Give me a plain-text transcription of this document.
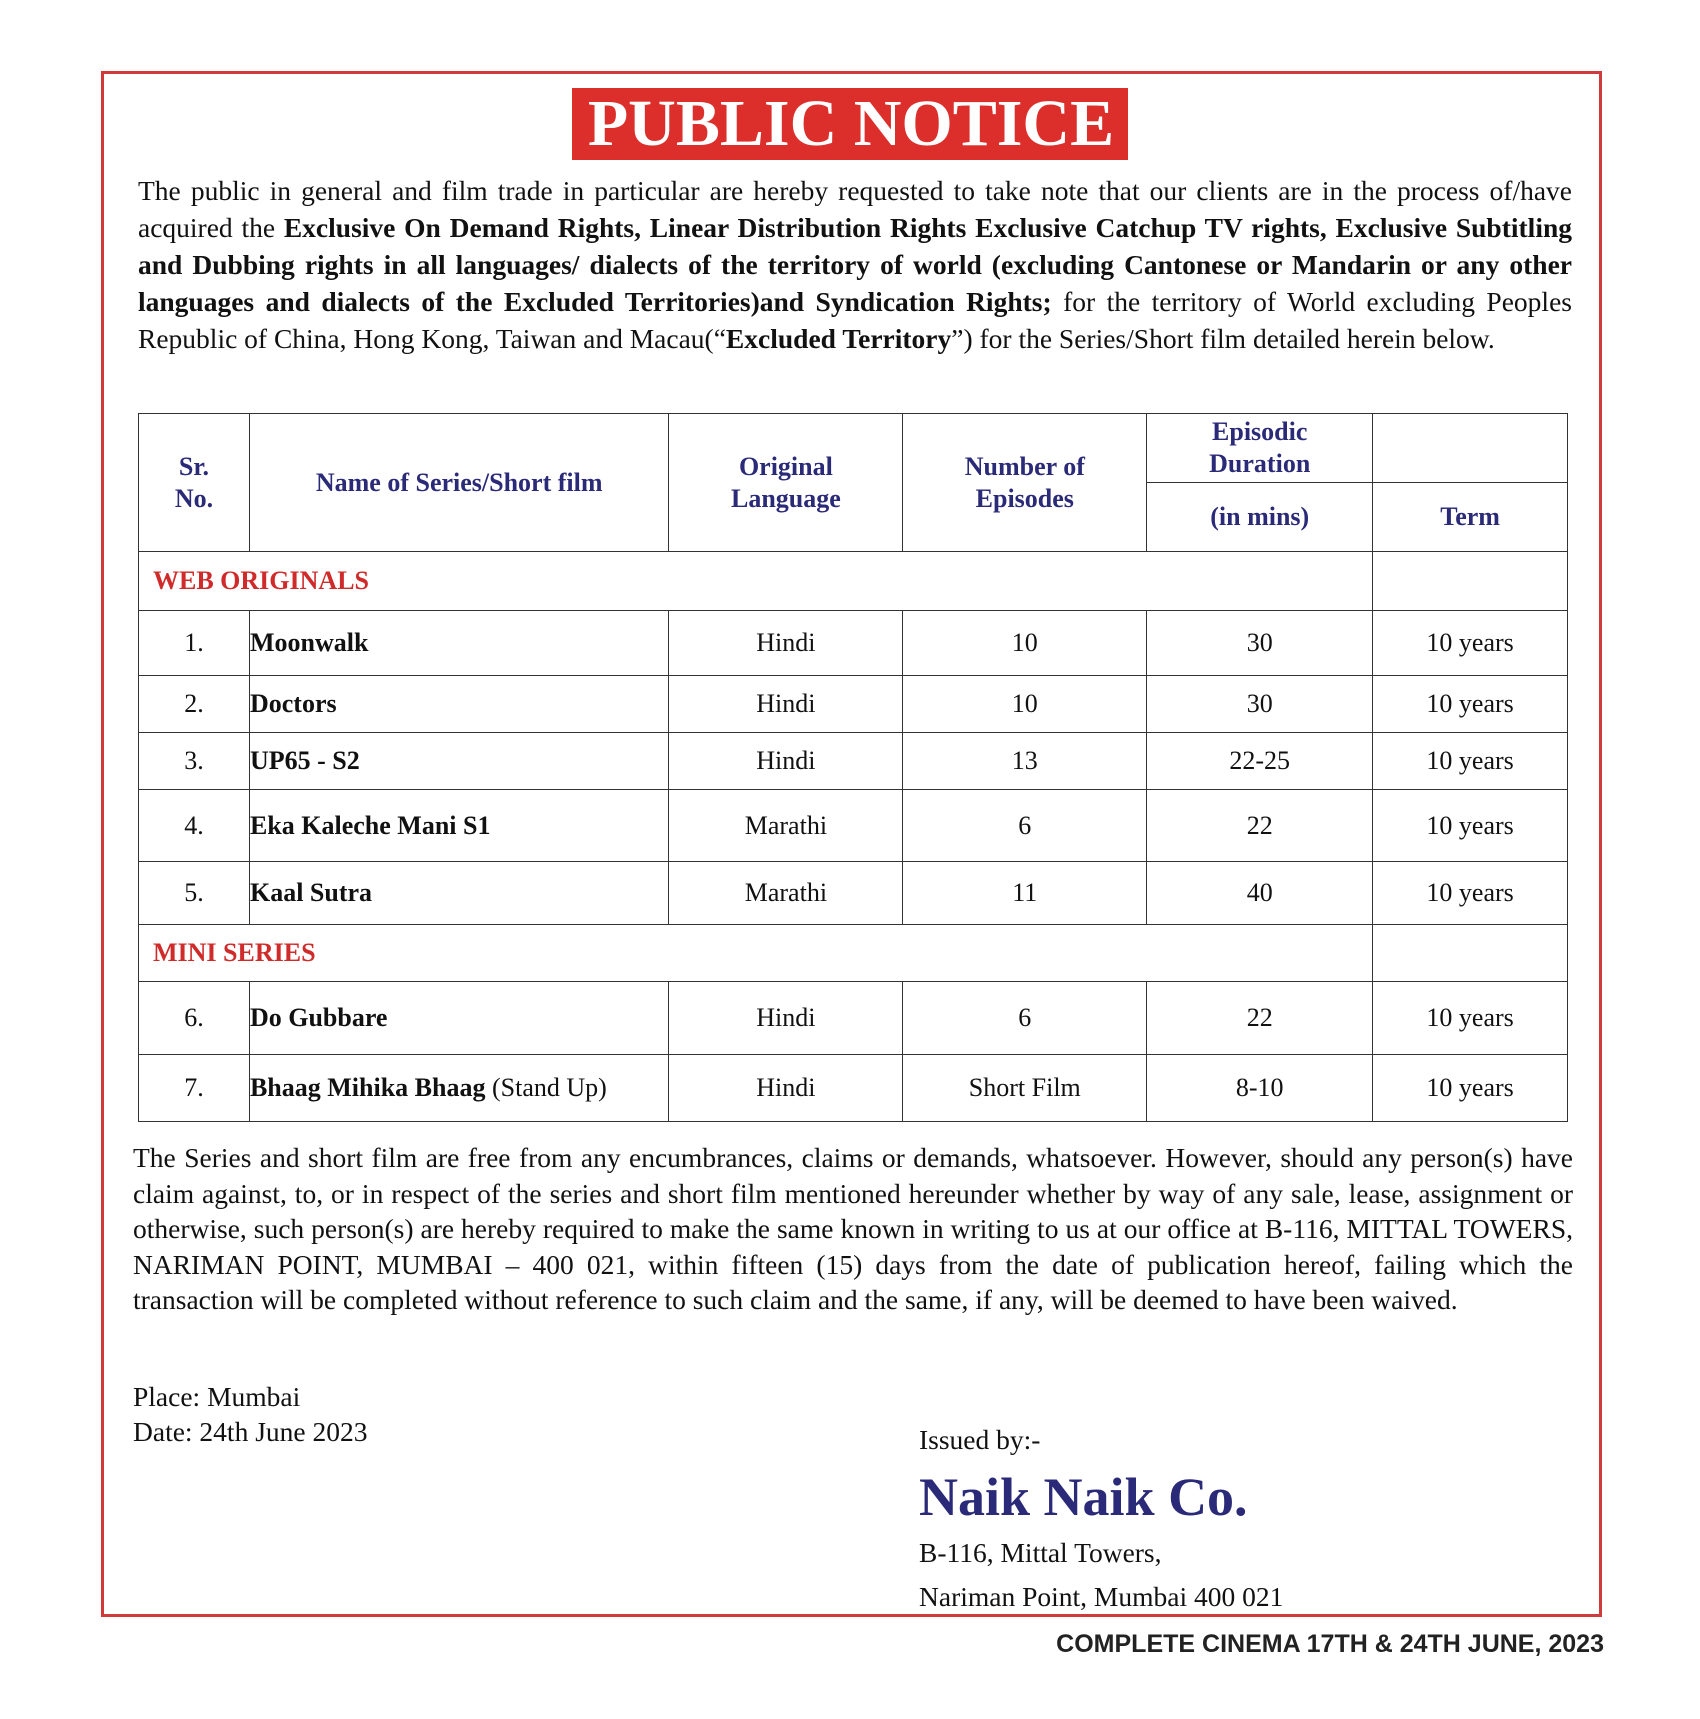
PUBLIC NOTICE

The public in general and film trade in particular are hereby requested to take note that our clients are in the process of/have acquired the Exclusive On Demand Rights, Linear Distribution Rights Exclusive Catchup TV rights, Exclusive Subtitling and Dubbing rights in all languages/ dialects of the territory of world (excluding Cantonese or Mandarin or any other languages and dialects of the Excluded Territories)and Syndication Rights; for the territory of World excluding Peoples Republic of China, Hong Kong, Taiwan and Macau(“Excluded Territory”) for the Series/Short film detailed herein below.

Sr. No.	Name of Series/Short film	Original Language	Number of Episodes	Episodic Duration	
				(in mins)	Term
WEB ORIGINALS					
1.	Moonwalk	Hindi	10	30	10 years
2.	Doctors	Hindi	10	30	10 years
3.	UP65 - S2	Hindi	13	22-25	10 years
4.	Eka Kaleche Mani S1	Marathi	6	22	10 years
5.	Kaal Sutra	Marathi	11	40	10 years
MINI SERIES					
6.	Do Gubbare	Hindi	6	22	10 years
7.	Bhaag Mihika Bhaag (Stand Up)	Hindi	Short Film	8-10	10 years

The Series and short film are free from any encumbrances, claims or demands, whatsoever. However, should any person(s) have claim against, to, or in respect of the series and short film mentioned hereunder whether by way of any sale, lease, assignment or otherwise, such person(s) are hereby required to make the same known in writing to us at our office at B-116, MITTAL TOWERS, NARIMAN POINT, MUMBAI – 400 021, within fifteen (15) days from the date of publication hereof, failing which the transaction will be completed without reference to such claim and the same, if any, will be deemed to have been waived.

Place: Mumbai
Date: 24th June 2023	Issued by:-
Naik Naik Co.
B-116, Mittal Towers,
Nariman Point, Mumbai 400 021
COMPLETE CINEMA 17TH & 24TH JUNE, 2023
